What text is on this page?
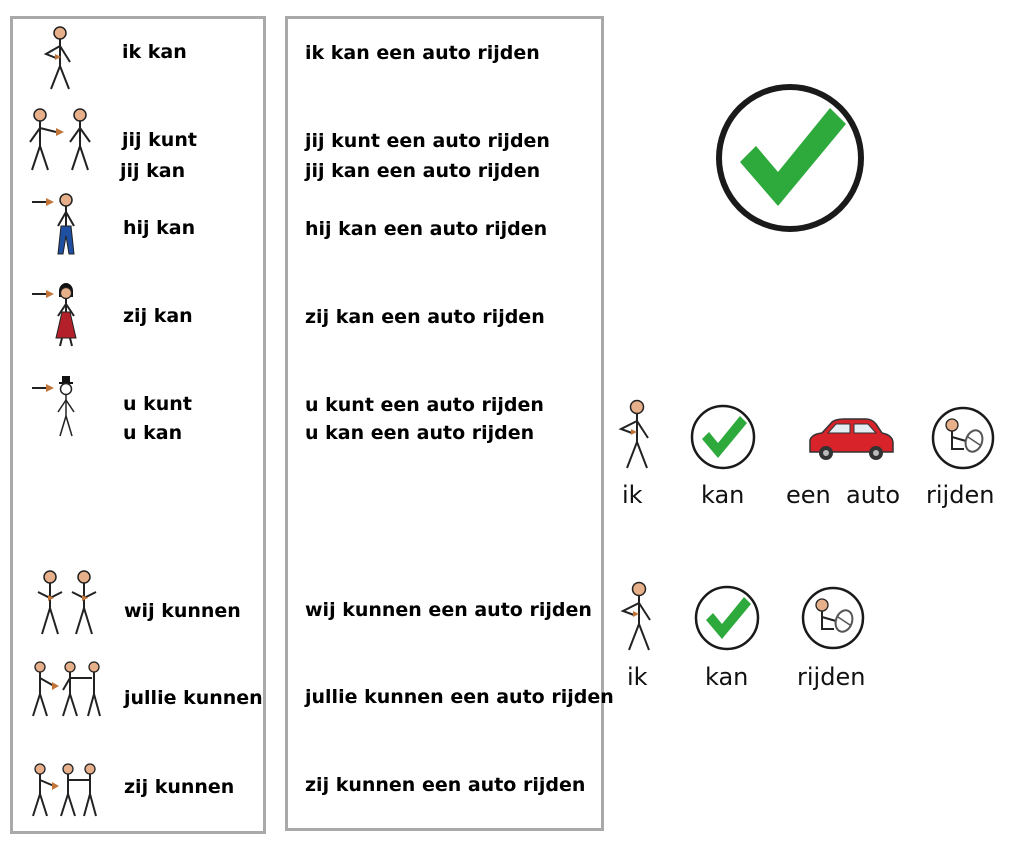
ik kan
jij kunt
jij kan
hij kan
zij kan
u kunt
u kan
wij kunnen
jullie kunnen
zij kunnen
ik kan een auto rijden
jij kunt een auto rijden
jij kan een auto rijden
hij kan een auto rijden
zij kan een auto rijden
u kunt een auto rijden
u kan een auto rijden
wij kunnen een auto rijden
jullie kunnen een auto rijden
zij kunnen een auto rijden
ik kan een  auto rijden
ik kan rijden
